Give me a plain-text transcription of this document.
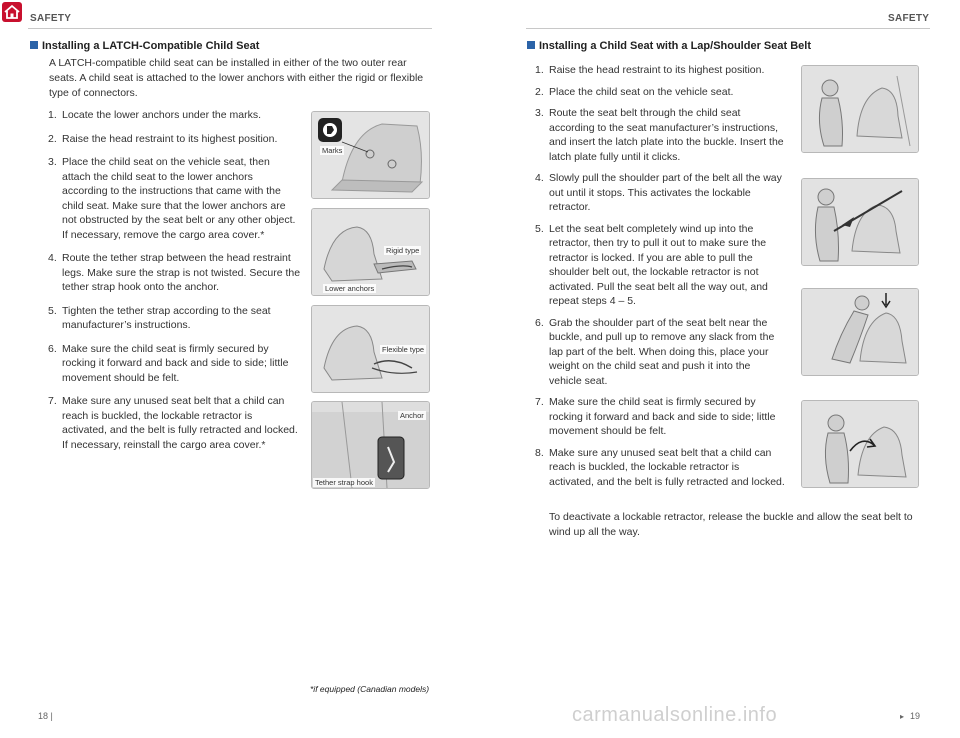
SAFETY	SAFETY
Installing a LATCH-Compatible Child Seat
A LATCH-compatible child seat can be installed in either of the two outer rear seats. A child seat is attached to the lower anchors with either the rigid or flexible type of connectors.
1. Locate the lower anchors under the marks.
2. Raise the head restraint to its highest position.
3. Place the child seat on the vehicle seat, then attach the child seat to the lower anchors according to the instructions that came with the child seat. Make sure that the lower anchors are not obstructed by the seat belt or any other object. If necessary, remove the cargo area cover.*
4. Route the tether strap between the head restraint legs. Make sure the strap is not twisted. Secure the tether strap hook onto the anchor.
5. Tighten the tether strap according to the seat manufacturer’s instructions.
6. Make sure the child seat is firmly secured by rocking it forward and back and side to side; little movement should be felt.
7. Make sure any unused seat belt that a child can reach is buckled, the lockable retractor is activated, and the belt is fully retracted and locked. If necessary, reinstall the cargo area cover.*
Marks
Rigid type
Lower anchors
Flexible type
Anchor
Tether strap hook
*if equipped (Canadian models)
18 |
Installing a Child Seat with a Lap/Shoulder Seat Belt
1. Raise the head restraint to its highest position.
2. Place the child seat on the vehicle seat.
3. Route the seat belt through the child seat according to the seat manufacturer’s instructions, and insert the latch plate into the buckle. Insert the latch plate fully until it clicks.
4. Slowly pull the shoulder part of the belt all the way out until it stops. This activates the lockable retractor.
5. Let the seat belt completely wind up into the retractor, then try to pull it out to make sure the retractor is locked. If you are able to pull the shoulder belt out, the lockable retractor is not activated. Pull the seat belt all the way out, and repeat steps 4 – 5.
6. Grab the shoulder part of the seat belt near the buckle, and pull up to remove any slack from the lap part of the belt. When doing this, place your weight on the child seat and push it into the vehicle seat.
7. Make sure the child seat is firmly secured by rocking it forward and back and side to side; little movement should be felt.
8. Make sure any unused seat belt that a child can reach is buckled, the lockable retractor is activated, and the belt is fully retracted and locked.
To deactivate a lockable retractor, release the buckle and allow the seat belt to wind up all the way.
▸ 19
carmanualsonline.info
